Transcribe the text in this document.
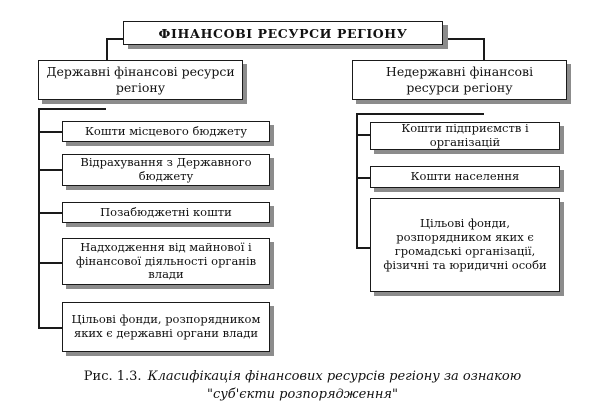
ФІНАНСОВІ РЕСУРСИ РЕГІОНУ
Державні фінансові ресурси регіону
Недержавні фінансові ресурси регіону
Кошти місцевого бюджету
Відрахування з Державного бюджету
Позабюджетні кошти
Надходження від майнової і фінансової діяльності органів влади
Цільові фонди, розпорядником яких є державні органи влади
Кошти підприємств і організацій
Кошти населення
Цільові фонди, розпорядником яких є громадські організації, фізичні та юридичні особи
Рис. 1.3. Класифікація фінансових ресурсів регіону за ознакою
"суб'єкти розпорядження"
